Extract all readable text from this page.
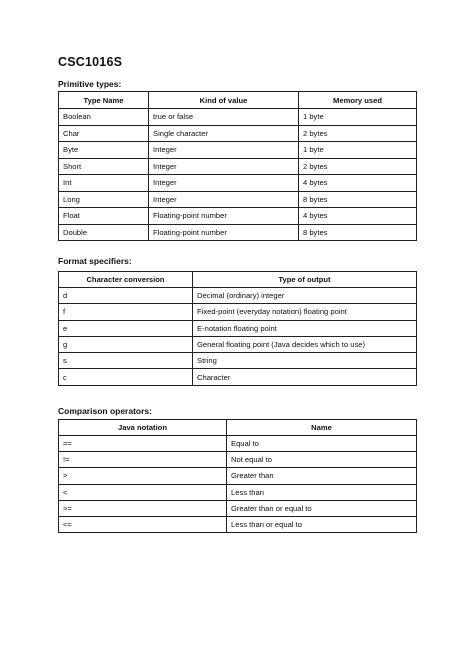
CSC1016S
Primitive types:
Type Name	Kind of value	Memory used
Boolean	true or false	1 byte
Char	Single character	2 bytes
Byte	Integer	1 byte
Short	Integer	2 bytes
Int	Integer	4 bytes
Long	Integer	8 bytes
Float	Floating-point number	4 bytes
Double	Floating-point number	8 bytes
Format specifiers:
Character conversion	Type of output
d	Decimal (ordinary) integer
f	Fixed-point (everyday notation) floating point
e	E-notation floating point
g	General floating point (Java decides which to use)
s	String
c	Character
Comparison operators:
Java notation	Name
==	Equal to
!=	Not equal to
>	Greater than
<	Less than
>=	Greater than or equal to
<=	Less than or equal to
